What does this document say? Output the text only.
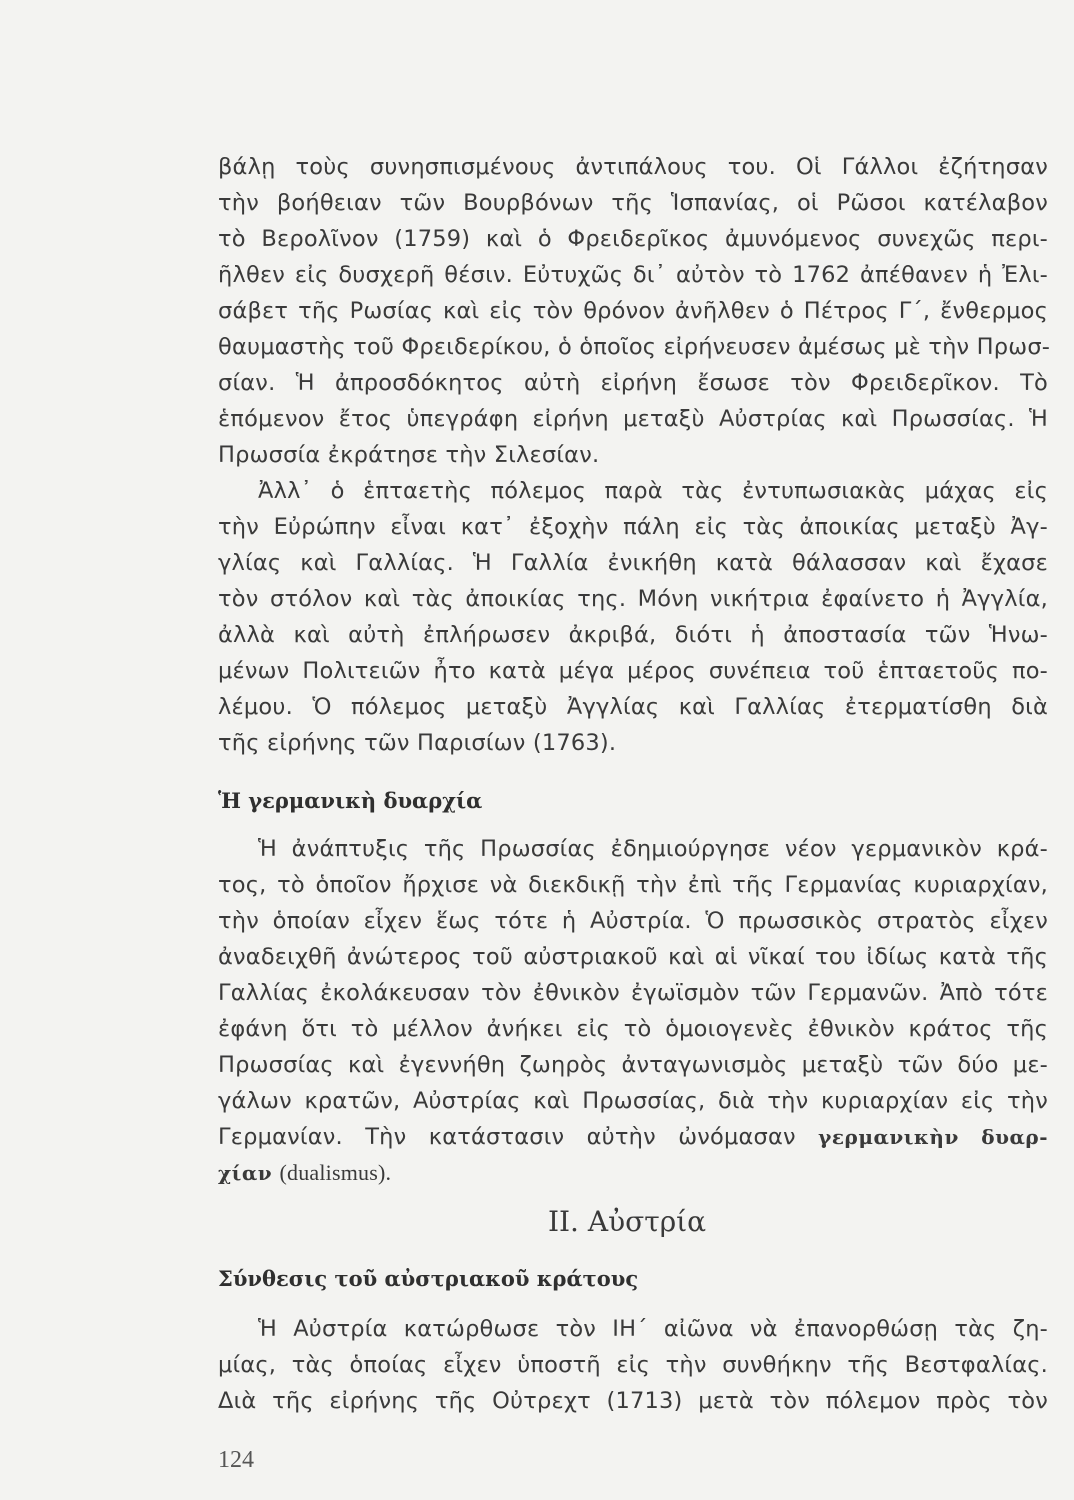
βάλῃ τοὺς συνησπισμένους ἀντιπάλους του. Οἱ Γάλλοι ἐζήτησαν
τὴν βοήθειαν τῶν Βουρβόνων τῆς Ἱσπανίας, οἱ Ρῶσοι κατέλαβον
τὸ Βερολῖνον (1759) καὶ ὁ Φρειδερῖκος ἀμυνόμενος συνεχῶς περι-
ῆλθεν εἰς δυσχερῆ θέσιν. Εὐτυχῶς δι᾽ αὐτὸν τὸ 1762 ἀπέθανεν ἡ Ἐλι-
σάβετ τῆς Ρωσίας καὶ εἰς τὸν θρόνον ἀνῆλθεν ὁ Πέτρος Γ΄, ἔνθερμος
θαυμαστὴς τοῦ Φρειδερίκου, ὁ ὁποῖος εἰρήνευσεν ἀμέσως μὲ τὴν Πρωσ-
σίαν. Ἡ ἀπροσδόκητος αὐτὴ εἰρήνη ἔσωσε τὸν Φρειδερῖκον. Τὸ
ἑπόμενον ἔτος ὑπεγράφη εἰρήνη μεταξὺ Αὐστρίας καὶ Πρωσσίας. Ἡ
Πρωσσία ἐκράτησε τὴν Σιλεσίαν.
Ἀλλ᾽ ὁ ἑπταετὴς πόλεμος παρὰ τὰς ἐντυπωσιακὰς μάχας εἰς
τὴν Εὐρώπην εἶναι κατ᾽ ἐξοχὴν πάλη εἰς τὰς ἀποικίας μεταξὺ Ἀγ-
γλίας καὶ Γαλλίας. Ἡ Γαλλία ἐνικήθη κατὰ θάλασσαν καὶ ἔχασε
τὸν στόλον καὶ τὰς ἀποικίας της. Μόνη νικήτρια ἐφαίνετο ἡ Ἀγγλία,
ἀλλὰ καὶ αὐτὴ ἐπλήρωσεν ἀκριβά, διότι ἡ ἀποστασία τῶν Ἡνω-
μένων Πολιτειῶν ἦτο κατὰ μέγα μέρος συνέπεια τοῦ ἑπταετοῦς πο-
λέμου. Ὁ πόλεμος μεταξὺ Ἀγγλίας καὶ Γαλλίας ἐτερματίσθη διὰ
τῆς εἰρήνης τῶν Παρισίων (1763).
Ἡ γερμανικὴ δυαρχία
Ἡ ἀνάπτυξις τῆς Πρωσσίας ἐδημιούργησε νέον γερμανικὸν κρά-
τος, τὸ ὁποῖον ἤρχισε νὰ διεκδικῇ τὴν ἐπὶ τῆς Γερμανίας κυριαρχίαν,
τὴν ὁποίαν εἶχεν ἕως τότε ἡ Αὐστρία. Ὁ πρωσσικὸς στρατὸς εἶχεν
ἀναδειχθῆ ἀνώτερος τοῦ αὐστριακοῦ καὶ αἱ νῖκαί του ἰδίως κατὰ τῆς
Γαλλίας ἐκολάκευσαν τὸν ἐθνικὸν ἐγωϊσμὸν τῶν Γερμανῶν. Ἀπὸ τότε
ἐφάνη ὅτι τὸ μέλλον ἀνήκει εἰς τὸ ὁμοιογενὲς ἐθνικὸν κράτος τῆς
Πρωσσίας καὶ ἐγεννήθη ζωηρὸς ἀνταγωνισμὸς μεταξὺ τῶν δύο με-
γάλων κρατῶν, Αὐστρίας καὶ Πρωσσίας, διὰ τὴν κυριαρχίαν εἰς τὴν
Γερμανίαν. Τὴν κατάστασιν αὐτὴν ὠνόμασαν γερμανικὴν δυαρ-
χίαν (dualismus).
II. Αὐστρία
Σύνθεσις τοῦ αὐστριακοῦ κράτους
Ἡ Αὐστρία κατώρθωσε τὸν ΙΗ΄ αἰῶνα νὰ ἐπανορθώσῃ τὰς ζη-
μίας, τὰς ὁποίας εἶχεν ὑποστῆ εἰς τὴν συνθήκην τῆς Βεστφαλίας.
Διὰ τῆς εἰρήνης τῆς Οὐτρεχτ (1713) μετὰ τὸν πόλεμον πρὸς τὸν
124
